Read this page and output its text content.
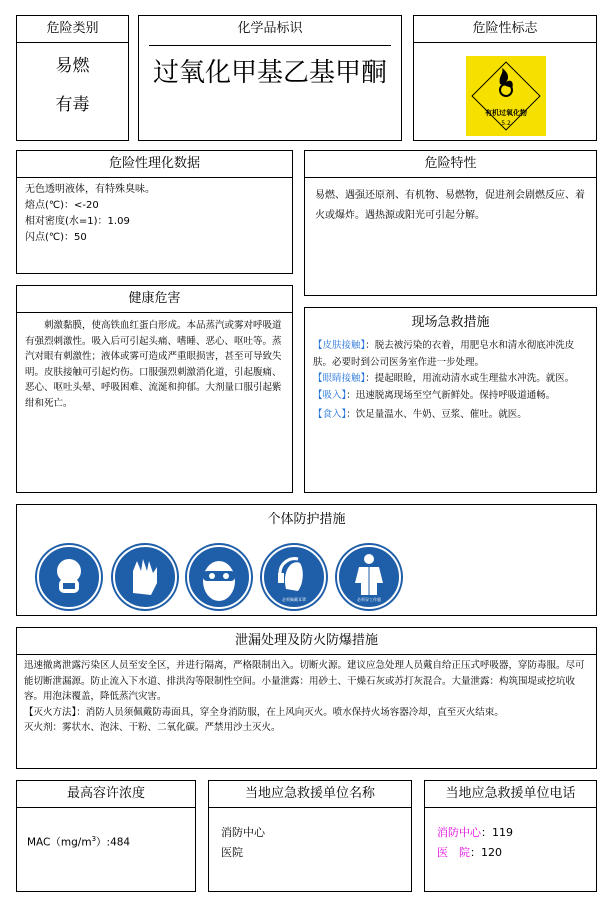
危险类别
易燃
有毒
化学品标识
过氧化甲基乙基甲酮
危险性标志
有机过氧化物
5.2
危险性理化数据
无色透明液体，有特殊臭味。
熔点(℃)：<-20
相对密度(水=1)：1.09
闪点(℃)：50
危险特性
易燃、遇强还原剂、有机物、易燃物，促进剂会剧燃反应、着火或爆炸。遇热源或阳光可引起分解。
健康危害
刺激黏膜，使高铁血红蛋白形成。本品蒸汽或雾对呼吸道有强烈刺激性。吸入后可引起头痛、嗜睡、恶心、呕吐等。蒸汽对眼有刺激性；液体或雾可造成严重眼损害，甚至可导致失明。皮肤接触可引起灼伤。口服强烈刺激消化道，引起腹痛、恶心、呕吐头晕、呼吸困难、流涎和抑郁。大剂量口服引起紫绀和死亡。
现场急救措施
【皮肤接触】：脱去被污染的衣着，用肥皂水和清水彻底冲洗皮肤。必要时到公司医务室作进一步处理。
【眼睛接触】：提起眼睑，用流动清水或生理盐水冲洗。就医。
【吸入】：迅速脱离现场至空气新鲜处。保持呼吸道通畅。
【食入】：饮足量温水、牛奶、豆浆、催吐。就医。
个体防护措施
必须佩戴耳罩	必须穿工作服
泄漏处理及防火防爆措施
迅速撤离泄露污染区人员至安全区，并进行隔离，严格限制出入。切断火源。建议应急处理人员戴自给正压式呼吸器，穿防毒服。尽可能切断泄漏源。防止流入下水道、排洪沟等限制性空间。小量泄露：用砂土、干燥石灰或苏打灰混合。大量泄露：构筑围堤或挖坑收容。用泡沫覆盖，降低蒸汽灾害。
【灭火方法】：消防人员须佩戴防毒面具，穿全身消防服，在上风向灭火。喷水保持火场容器冷却，直至灭火结束。
灭火剂：雾状水、泡沫、干粉、二氧化碳。严禁用沙土灭火。
最高容许浓度
$MAC(mg/m^3):484$
当地应急救援单位名称
消防中心
医院
当地应急救援单位电话
消防中心：119
医　院：120
